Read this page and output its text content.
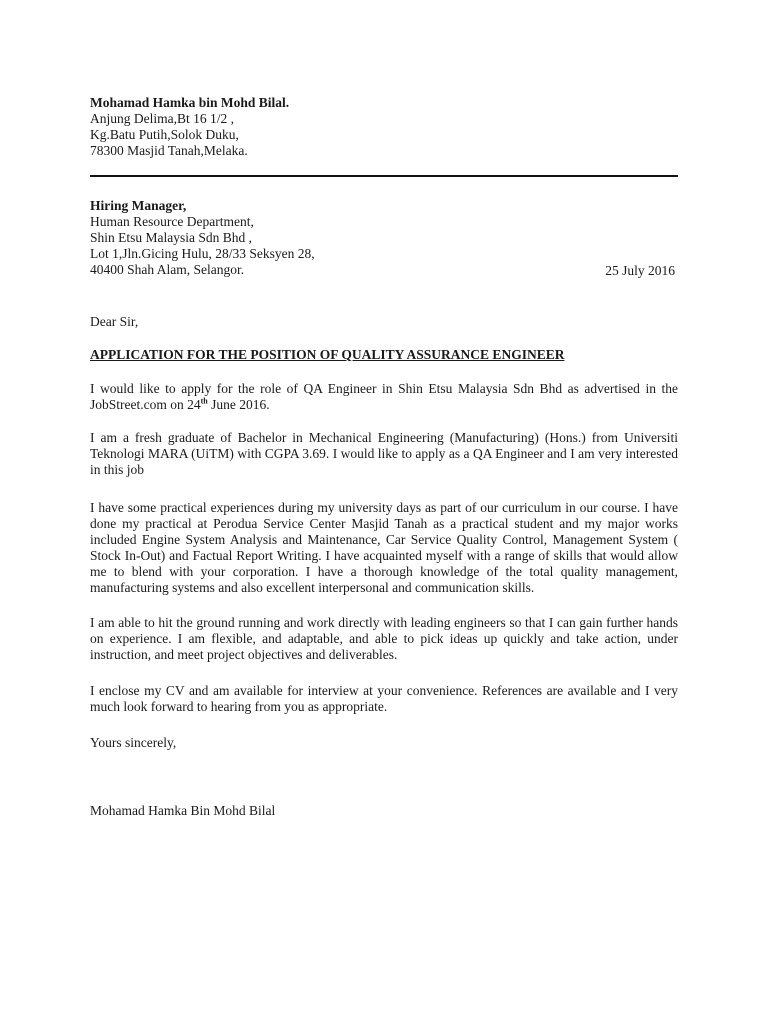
Mohamad Hamka bin Mohd Bilal.
Anjung Delima,Bt 16 1/2 ,
Kg.Batu Putih,Solok Duku,
78300 Masjid Tanah,Melaka.
Hiring Manager,
Human Resource Department,
Shin Etsu Malaysia Sdn Bhd ,
Lot 1,Jln.Gicing Hulu, 28/33 Seksyen 28,
40400 Shah Alam, Selangor.	25 July 2016
Dear Sir,
APPLICATION FOR THE POSITION OF QUALITY ASSURANCE ENGINEER
I would like to apply for the role of QA Engineer in Shin Etsu Malaysia Sdn Bhd as advertised in the JobStreet.com on 24th June 2016.
I am a fresh graduate of Bachelor in Mechanical Engineering (Manufacturing) (Hons.) from Universiti Teknologi MARA (UiTM) with CGPA 3.69. I would like to apply as a QA Engineer and I am very interested in this job
I have some practical experiences during my university days as part of our curriculum in our course. I have done my practical at Perodua Service Center Masjid Tanah as a practical student and my major works included Engine System Analysis and Maintenance, Car Service Quality Control, Management System ( Stock In-Out) and Factual Report Writing. I have acquainted myself with a range of skills that would allow me to blend with your corporation. I have a thorough knowledge of the total quality management, manufacturing systems and also excellent interpersonal and communication skills.
I am able to hit the ground running and work directly with leading engineers so that I can gain further hands on experience. I am flexible, and adaptable, and able to pick ideas up quickly and take action, under instruction, and meet project objectives and deliverables.
I enclose my CV and am available for interview at your convenience. References are available and I very much look forward to hearing from you as appropriate.
Yours sincerely,
Mohamad Hamka Bin Mohd Bilal
